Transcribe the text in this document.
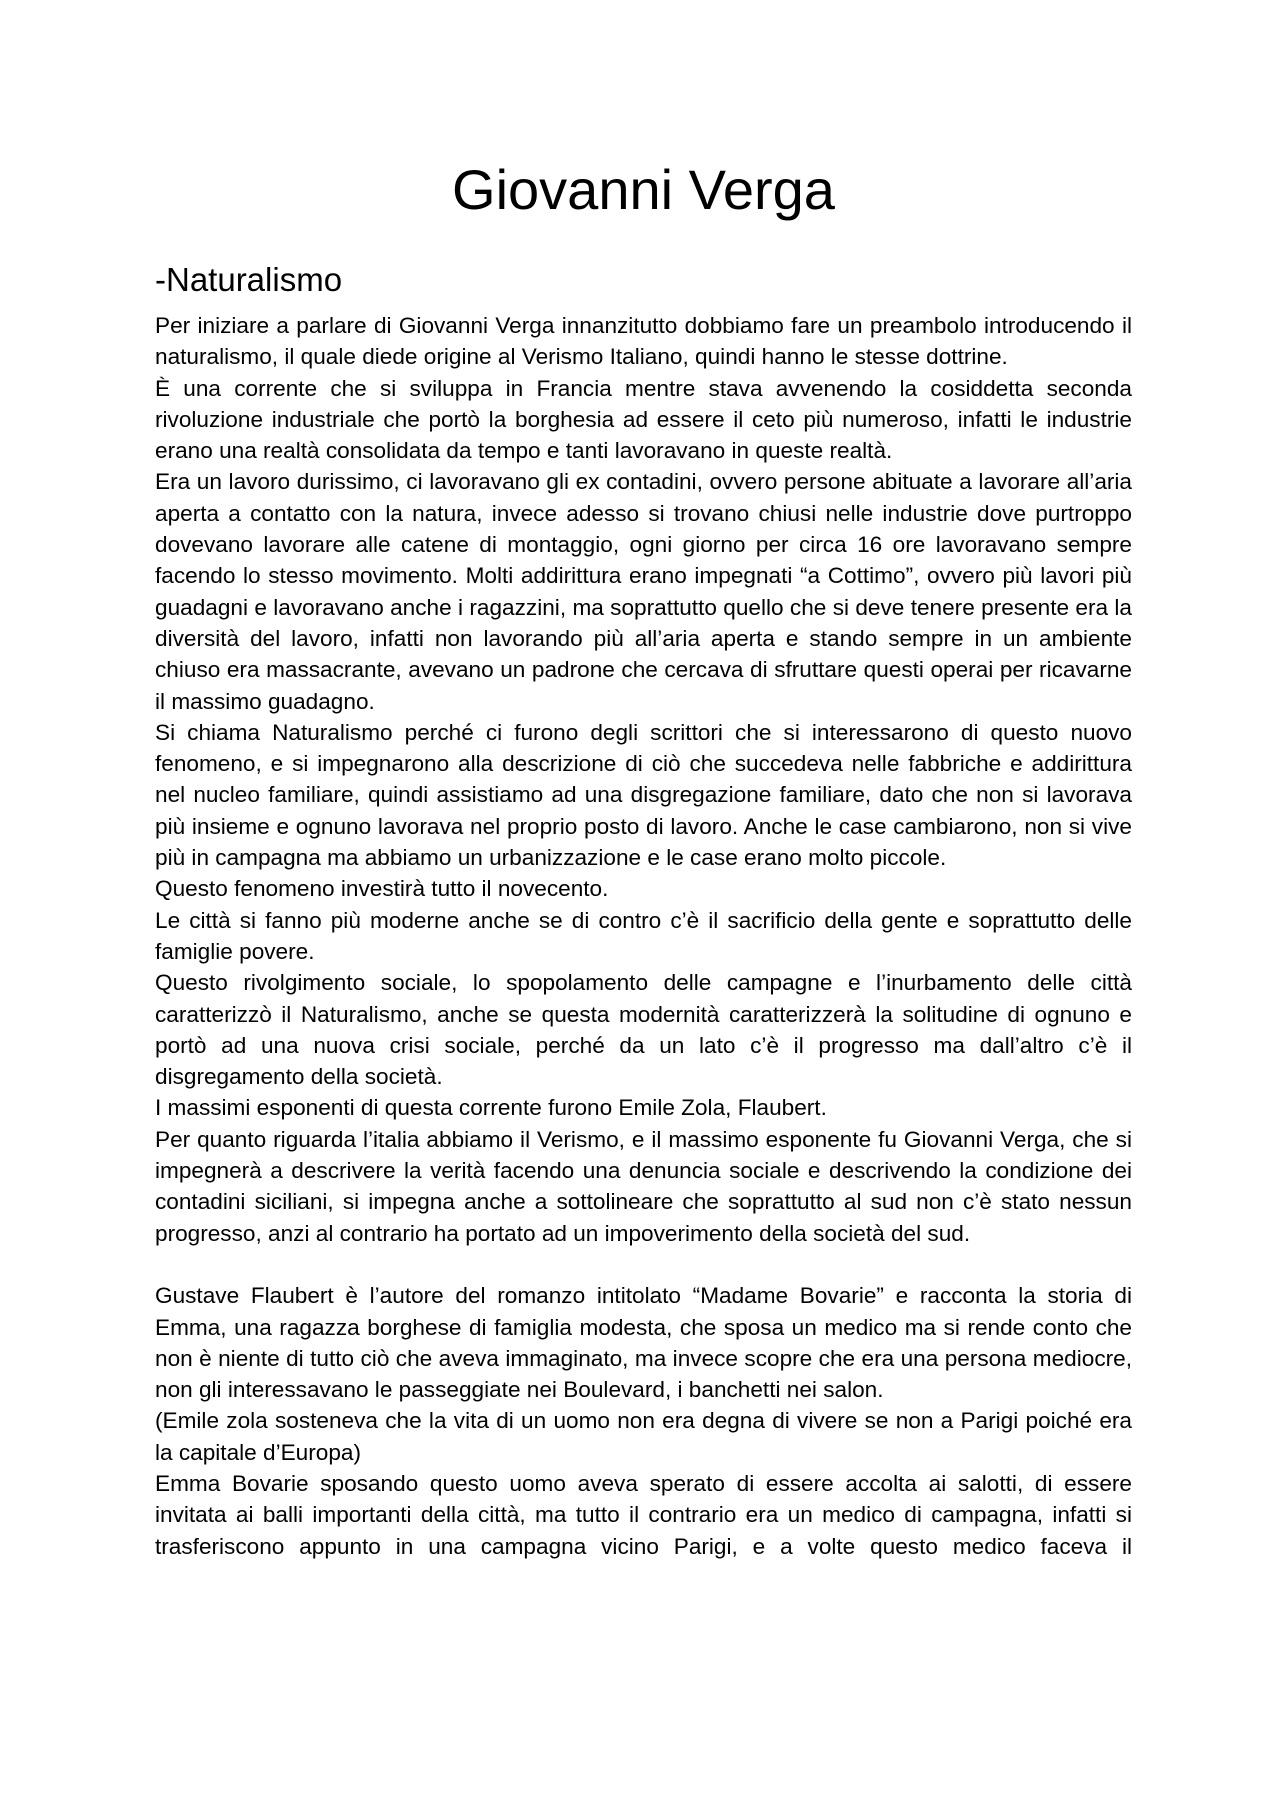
Giovanni Verga
-Naturalismo

Per iniziare a parlare di Giovanni Verga innanzitutto dobbiamo fare un preambolo introducendo il naturalismo, il quale diede origine al Verismo Italiano, quindi hanno le stesse dottrine.

È una corrente che si sviluppa in Francia mentre stava avvenendo la cosiddetta seconda rivoluzione industriale che portò la borghesia ad essere il ceto più numeroso, infatti le industrie erano una realtà consolidata da tempo e tanti lavoravano in queste realtà.

Era un lavoro durissimo, ci lavoravano gli ex contadini, ovvero persone abituate a lavorare all’aria aperta a contatto con la natura, invece adesso si trovano chiusi nelle industrie dove purtroppo dovevano lavorare alle catene di montaggio, ogni giorno per circa 16 ore lavoravano sempre facendo lo stesso movimento. Molti addirittura erano impegnati “a Cottimo”, ovvero più lavori più guadagni e lavoravano anche i ragazzini, ma soprattutto quello che si deve tenere presente era la diversità del lavoro, infatti non lavorando più all’aria aperta e stando sempre in un ambiente chiuso era massacrante, avevano un padrone che cercava di sfruttare questi operai per ricavarne il massimo guadagno.

Si chiama Naturalismo perché ci furono degli scrittori che si interessarono di questo nuovo fenomeno, e si impegnarono alla descrizione di ciò che succedeva nelle fabbriche e addirittura nel nucleo familiare, quindi assistiamo ad una disgregazione familiare, dato che non si lavorava più insieme e ognuno lavorava nel proprio posto di lavoro. Anche le case cambiarono, non si vive più in campagna ma abbiamo un urbanizzazione e le case erano molto piccole.

Questo fenomeno investirà tutto il novecento.

Le città si fanno più moderne anche se di contro c’è il sacrificio della gente e soprattutto delle famiglie povere.

Questo rivolgimento sociale, lo spopolamento delle campagne e l’inurbamento delle città caratterizzò il Naturalismo, anche se questa modernità caratterizzerà la solitudine di ognuno e portò ad una nuova crisi sociale, perché da un lato c’è il progresso ma dall’altro c’è il disgregamento della società.

I massimi esponenti di questa corrente furono Emile Zola, Flaubert.

Per quanto riguarda l’italia abbiamo il Verismo, e il massimo esponente fu Giovanni Verga, che si impegnerà a descrivere la verità facendo una denuncia sociale e descrivendo la condizione dei contadini siciliani, si impegna anche a sottolineare che soprattutto al sud non c’è stato nessun progresso, anzi al contrario ha portato ad un impoverimento della società del sud.

Gustave Flaubert è l’autore del romanzo intitolato “Madame Bovarie” e racconta la storia di Emma, una ragazza borghese di famiglia modesta, che sposa un medico ma si rende conto che non è niente di tutto ciò che aveva immaginato, ma invece scopre che era una persona mediocre, non gli interessavano le passeggiate nei Boulevard, i banchetti nei salon.

(Emile zola sosteneva che la vita di un uomo non era degna di vivere se non a Parigi poiché era la capitale d’Europa)

Emma Bovarie sposando questo uomo aveva sperato di essere accolta ai salotti, di essere invitata ai balli importanti della città, ma tutto il contrario era un medico di campagna, infatti si trasferiscono appunto in una campagna vicino Parigi, e a volte questo medico faceva il
